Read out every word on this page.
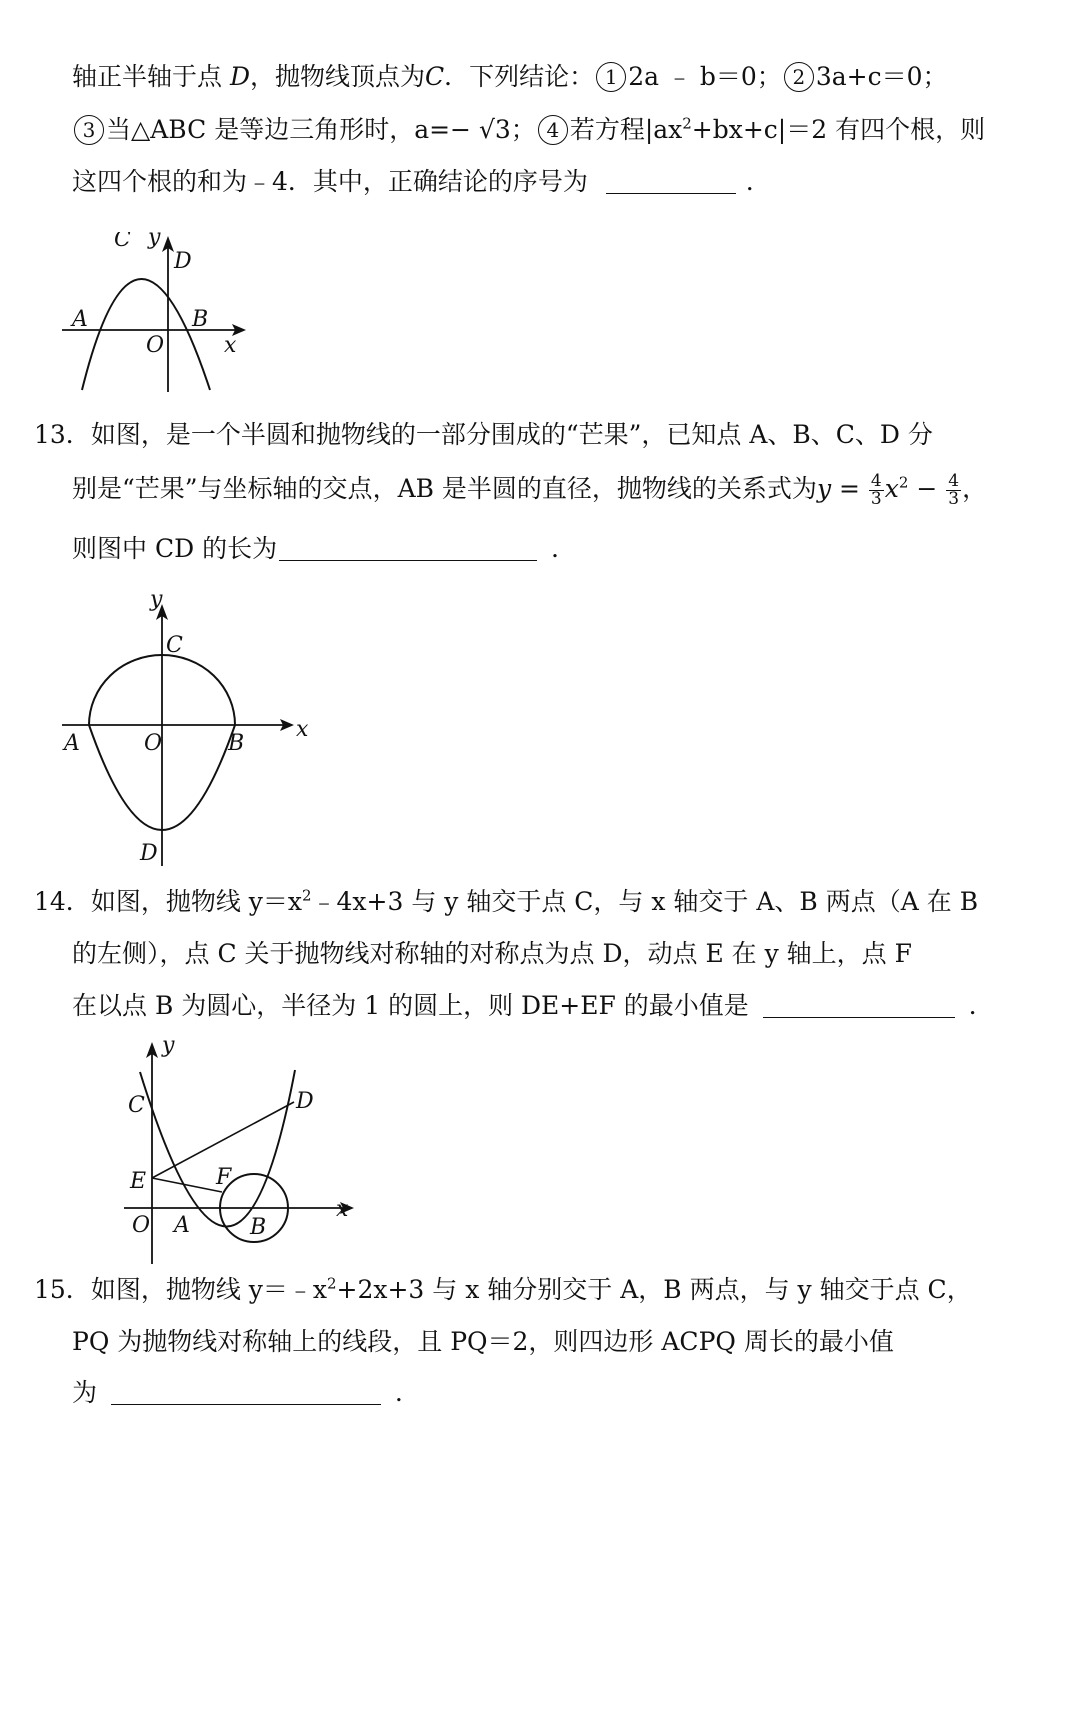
轴正半轴于点 D，抛物线顶点为C．下列结论： 1 2a ﹣ b＝0； 2 3a+c＝0；
3 当△ABC 是等边三角形时，a=− √3； 4 若方程$|ax^2+bx+c|=2$ 有四个根，则
这四个根的和为﹣4．其中，正确结论的序号为	．
C y
D
A	B
O	x
13．如图，是一个半圆和抛物线的一部分围成的“芒果”，已知点 A、B、C、D 分
别是“芒果”与坐标轴的交点，AB 是半圆的直径，抛物线的关系式为$y = \frac{4}{3} x^2 - \frac{4}{3}$ ，
则图中 CD 的长为	．
y
C
x
A	O	B
D
14．如图，抛物线 $y=x^2﹣4x+3$ 与 y 轴交于点 C，与 x 轴交于 A、B 两点（A 在 B
的左侧），点 C 关于抛物线对称轴的对称点为点 D，动点 E 在 y 轴上，点 F
在以点 B 为圆心，半径为 1 的圆上，则 DE+EF 的最小值是	．
y
C	D
E	F
O A	B
x
15．如图，抛物线 $y=﹣x^2+2x+3$ 与 x 轴分别交于 A，B 两点，与 y 轴交于点 C，
PQ 为抛物线对称轴上的线段，且 PQ＝2，则四边形 ACPQ 周长的最小值
为	．
